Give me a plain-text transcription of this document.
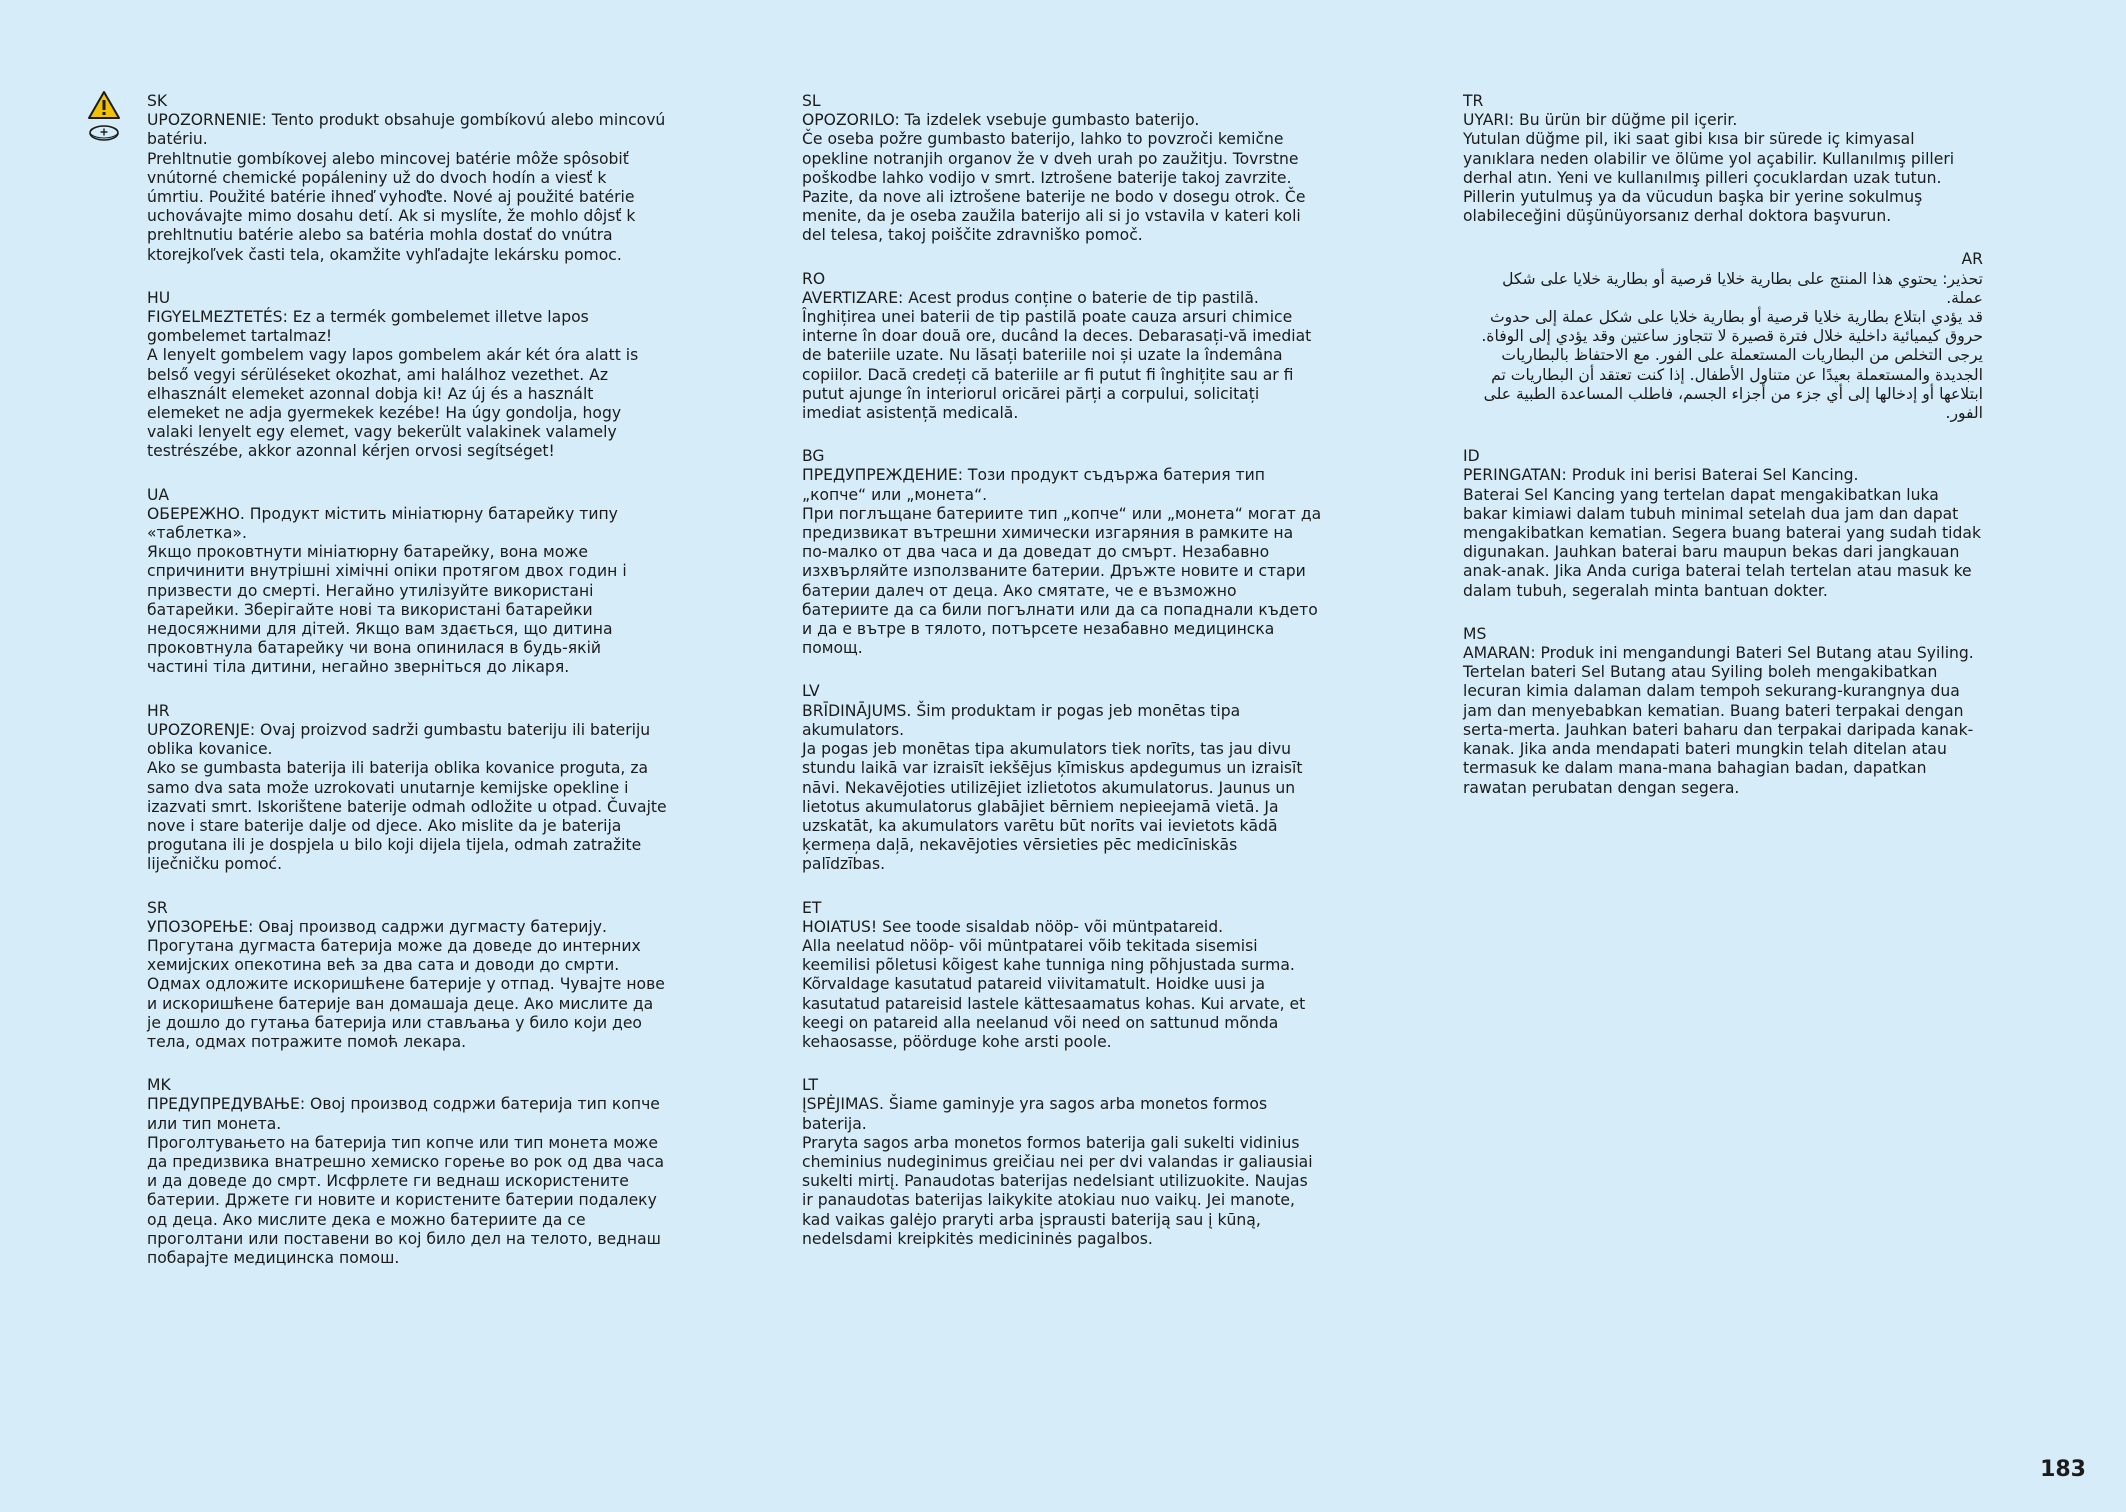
SK

UPOZORNENIE: Tento produkt obsahuje gombíkovú alebo mincovú batériu.

Prehltnutie gombíkovej alebo mincovej batérie môže spôsobiť vnútorné chemické popáleniny už do dvoch hodín a viesť k úmrtiu. Použité batérie ihneď vyhoďte. Nové aj použité batérie uchovávajte mimo dosahu detí. Ak si myslíte, že mohlo dôjsť k prehltnutiu batérie alebo sa batéria mohla dostať do vnútra ktorejkoľvek časti tela, okamžite vyhľadajte lekársku pomoc.

HU

FIGYELMEZTETÉS: Ez a termék gombelemet illetve lapos gombelemet tartalmaz!

A lenyelt gombelem vagy lapos gombelem akár két óra alatt is belső vegyi sérüléseket okozhat, ami halálhoz vezethet. Az elhasznált elemeket azonnal dobja ki! Az új és a használt elemeket ne adja gyermekek kezébe! Ha úgy gondolja, hogy valaki lenyelt egy elemet, vagy bekerült valakinek valamely testrészébe, akkor azonnal kérjen orvosi segítséget!

UA

ОБЕРЕЖНО. Продукт містить мініатюрну батарейку типу «таблетка».

Якщо проковтнути мініатюрну батарейку, вона може спричинити внутрішні хімічні опіки протягом двох годин і призвести до смерті. Негайно утилізуйте використані батарейки. Зберігайте нові та використані батарейки недосяжними для дітей. Якщо вам здається, що дитина проковтнула батарейку чи вона опинилася в будь-якій частині тіла дитини, негайно зверніться до лікаря.

HR

UPOZORENJE: Ovaj proizvod sadrži gumbastu bateriju ili bateriju oblika kovanice.

Ako se gumbasta baterija ili baterija oblika kovanice proguta, za samo dva sata može uzrokovati unutarnje kemijske opekline i izazvati smrt. Iskorištene baterije odmah odložite u otpad. Čuvajte nove i stare baterije dalje od djece. Ako mislite da je baterija progutana ili je dospjela u bilo koji dijela tijela, odmah zatražite liječničku pomoć.

SR

УПОЗОРЕЊЕ: Овај производ садржи дугмасту батерију.

Прогутана дугмаста батерија може да доведе до интерних хемијских опекотина већ за два сата и доводи до смрти. Одмах одложите искоришћене батерије у отпад. Чувајте нове и искоришћене батерије ван домашаја деце. Ако мислите да је дошло до гутања батерија или стављања у било који део тела, одмах потражите помоћ лекара.

MK

ПРЕДУПРЕДУВАЊЕ: Овој производ содржи батерија тип копче или тип монета.

Проголтувањето на батерија тип копче или тип монета може да предизвика внатрешно хемиско горење во рок од два часа и да доведе до смрт. Исфрлете ги веднаш искористените батерии. Држете ги новите и користените батерии подалеку од деца. Ако мислите дека е можно батериите да се проголтани или поставени во кој било дел на телото, веднаш побарајте медицинска помош.

SL

OPOZORILO: Ta izdelek vsebuje gumbasto baterijo.

Če oseba požre gumbasto baterijo, lahko to povzroči kemične opekline notranjih organov že v dveh urah po zaužitju. Tovrstne poškodbe lahko vodijo v smrt. Iztrošene baterije takoj zavrzite. Pazite, da nove ali iztrošene baterije ne bodo v dosegu otrok. Če menite, da je oseba zaužila baterijo ali si jo vstavila v kateri koli del telesa, takoj poiščite zdravniško pomoč.

RO

AVERTIZARE: Acest produs conține o baterie de tip pastilă.

Înghițirea unei baterii de tip pastilă poate cauza arsuri chimice interne în doar două ore, ducând la deces. Debarasați-vă imediat de bateriile uzate. Nu lăsați bateriile noi și uzate la îndemâna copiilor. Dacă credeți că bateriile ar fi putut fi înghițite sau ar fi putut ajunge în interiorul oricărei părți a corpului, solicitați imediat asistență medicală.

BG

ПРЕДУПРЕЖДЕНИЕ: Този продукт съдържа батерия тип „копче“ или „монета“.

При поглъщане батериите тип „копче“ или „монета“ могат да предизвикат вътрешни химически изгаряния в рамките на по-малко от два часа и да доведат до смърт. Незабавно изхвърляйте използваните батерии. Дръжте новите и стари батерии далеч от деца. Ако смятате, че е възможно батериите да са били погълнати или да са попаднали където и да е вътре в тялото, потърсете незабавно медицинска помощ.

LV

BRĪDINĀJUMS. Šim produktam ir pogas jeb monētas tipa akumulators.

Ja pogas jeb monētas tipa akumulators tiek norīts, tas jau divu stundu laikā var izraisīt iekšējus ķīmiskus apdegumus un izraisīt nāvi. Nekavējoties utilizējiet izlietotos akumulatorus. Jaunus un lietotus akumulatorus glabājiet bērniem nepieejamā vietā. Ja uzskatāt, ka akumulators varētu būt norīts vai ievietots kādā ķermeņa daļā, nekavējoties vērsieties pēc medicīniskās palīdzības.

ET

HOIATUS! See toode sisaldab nööp- või müntpatareid.

Alla neelatud nööp- või müntpatarei võib tekitada sisemisi keemilisi põletusi kõigest kahe tunniga ning põhjustada surma. Kõrvaldage kasutatud patareid viivitamatult. Hoidke uusi ja kasutatud patareisid lastele kättesaamatus kohas. Kui arvate, et keegi on patareid alla neelanud või need on sattunud mõnda kehaosasse, pöörduge kohe arsti poole.

LT

ĮSPĖJIMAS. Šiame gaminyje yra sagos arba monetos formos baterija.

Praryta sagos arba monetos formos baterija gali sukelti vidinius cheminius nudeginimus greičiau nei per dvi valandas ir galiausiai sukelti mirtį. Panaudotas baterijas nedelsiant utilizuokite. Naujas ir panaudotas baterijas laikykite atokiau nuo vaikų. Jei manote, kad vaikas galėjo praryti arba įsprausti bateriją sau į kūną, nedelsdami kreipkitės medicininės pagalbos.

TR

UYARI: Bu ürün bir düğme pil içerir.

Yutulan düğme pil, iki saat gibi kısa bir sürede iç kimyasal yanıklara neden olabilir ve ölüme yol açabilir. Kullanılmış pilleri derhal atın. Yeni ve kullanılmış pilleri çocuklardan uzak tutun. Pillerin yutulmuş ya da vücudun başka bir yerine sokulmuş olabileceğini düşünüyorsanız derhal doktora başvurun.

AR

تحذير: يحتوي هذا المنتج على بطارية خلايا قرصية أو بطارية خلايا على شكل عملة.

قد يؤدي ابتلاع بطارية خلايا قرصية أو بطارية خلايا على شكل عملة إلى حدوث حروق كيميائية داخلية خلال فترة قصيرة لا تتجاوز ساعتين وقد يؤدي إلى الوفاة. يرجى التخلص من البطاريات المستعملة على الفور. مع الاحتفاظ بالبطاريات الجديدة والمستعملة بعيدًا عن متناول الأطفال. إذا كنت تعتقد أن البطاريات تم ابتلاعها أو إدخالها إلى أي جزء من أجزاء الجسم، فاطلب المساعدة الطبية على الفور.

ID

PERINGATAN: Produk ini berisi Baterai Sel Kancing.

Baterai Sel Kancing yang tertelan dapat mengakibatkan luka bakar kimiawi dalam tubuh minimal setelah dua jam dan dapat mengakibatkan kematian. Segera buang baterai yang sudah tidak digunakan. Jauhkan baterai baru maupun bekas dari jangkauan anak-anak. Jika Anda curiga baterai telah tertelan atau masuk ke dalam tubuh, segeralah minta bantuan dokter.

MS

AMARAN: Produk ini mengandungi Bateri Sel Butang atau Syiling.

Tertelan bateri Sel Butang atau Syiling boleh mengakibatkan lecuran kimia dalaman dalam tempoh sekurang-kurangnya dua jam dan menyebabkan kematian. Buang bateri terpakai dengan serta-merta. Jauhkan bateri baharu dan terpakai daripada kanak-kanak. Jika anda mendapati bateri mungkin telah ditelan atau termasuk ke dalam mana-mana bahagian badan, dapatkan rawatan perubatan dengan segera.

183
